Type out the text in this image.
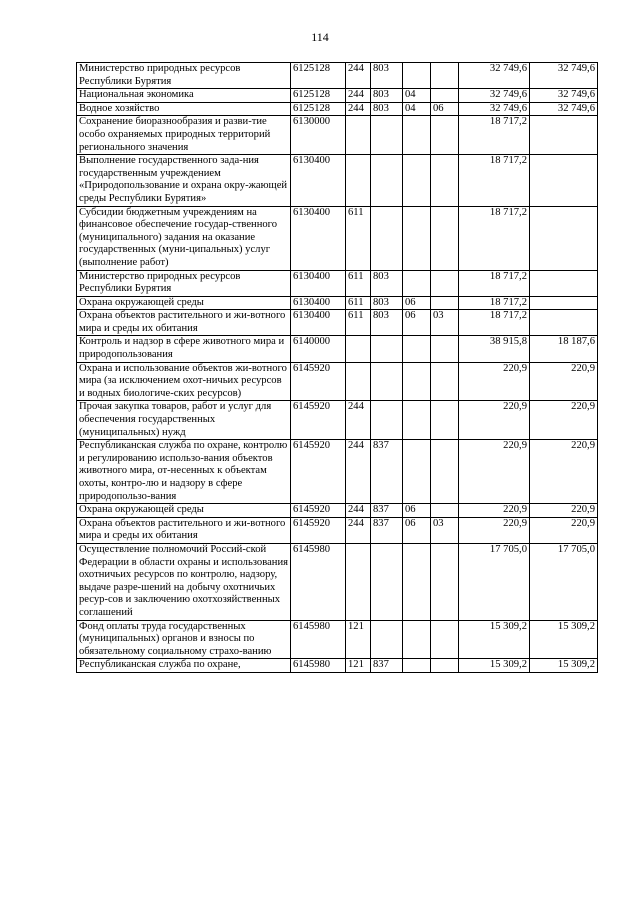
114
Министерство природных ресурсов Республики Бурятия	6125128	244	803			32 749,6	32 749,6
Национальная экономика	6125128	244	803	04		32 749,6	32 749,6
Водное хозяйство	6125128	244	803	04	06	32 749,6	32 749,6
Сохранение биоразнообразия и разви-тие особо охраняемых природных территорий регионального значения	6130000					18 717,2	
Выполнение государственного зада-ния государственным учреждением «Природопользование и охрана окру-жающей среды Республики Бурятия»	6130400					18 717,2	
Субсидии бюджетным учреждениям на финансовое обеспечение государ-ственного (муниципального) задания на оказание государственных (муни-ципальных) услуг (выполнение работ)	6130400	611				18 717,2	
Министерство природных ресурсов Республики Бурятия	6130400	611	803			18 717,2	
Охрана окружающей среды	6130400	611	803	06		18 717,2	
Охрана объектов растительного и жи-вотного мира и среды их обитания	6130400	611	803	06	03	18 717,2	
Контроль и надзор в сфере животного мира и природопользования	6140000					38 915,8	18 187,6
Охрана и использование объектов жи-вотного мира (за исключением охот-ничьих ресурсов и водных биологиче-ских ресурсов)	6145920					220,9	220,9
Прочая закупка товаров, работ и услуг для обеспечения государственных (муниципальных) нужд	6145920	244				220,9	220,9
Республиканская служба по охране, контролю и регулированию использо-вания объектов животного мира, от-несенных к объектам охоты, контро-лю и надзору в сфере природопользо-вания	6145920	244	837			220,9	220,9
Охрана окружающей среды	6145920	244	837	06		220,9	220,9
Охрана объектов растительного и жи-вотного мира и среды их обитания	6145920	244	837	06	03	220,9	220,9
Осуществление полномочий Россий-ской Федерации в области охраны и использования охотничьих ресурсов по контролю, надзору, выдаче разре-шений на добычу охотничьих ресур-сов и заключению охотхозяйственных соглашений	6145980					17 705,0	17 705,0
Фонд оплаты труда государственных (муниципальных) органов и взносы по обязательному социальному страхо-ванию	6145980	121				15 309,2	15 309,2
Республиканская служба по охране,	6145980	121	837			15 309,2	15 309,2
